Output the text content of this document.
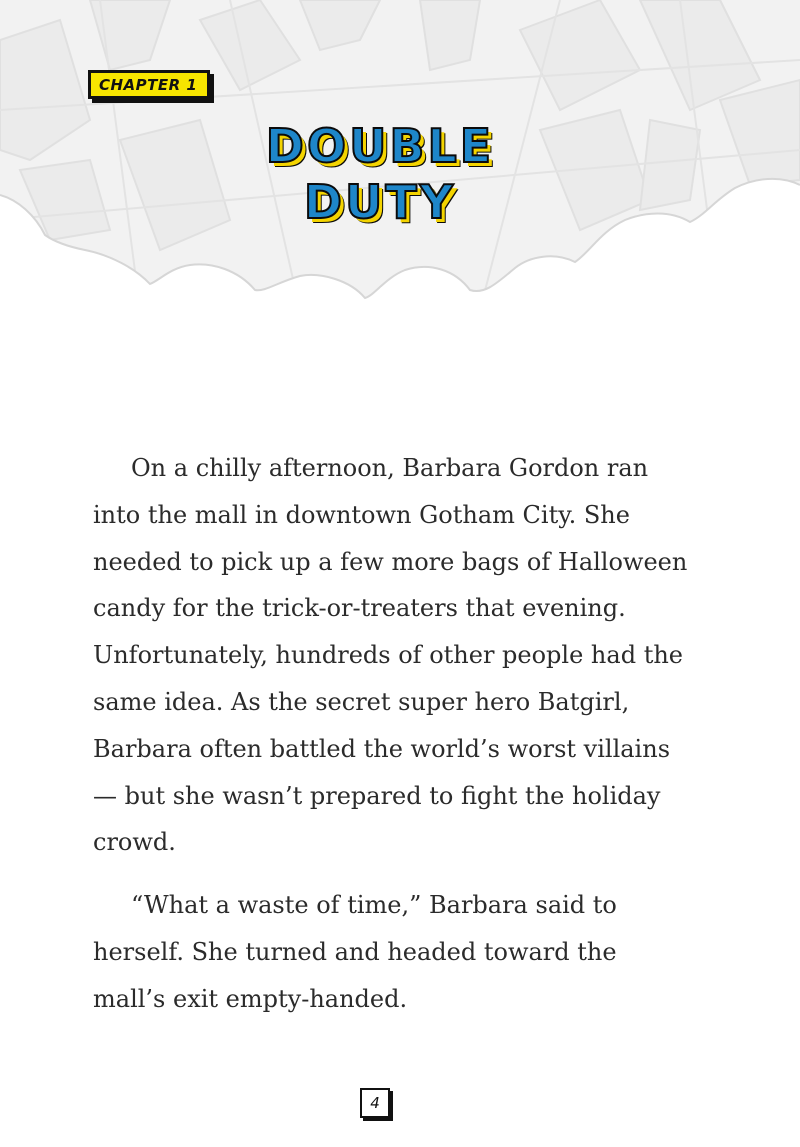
CHAPTER 1
DOUBLE
DUTY

On a chilly afternoon, Barbara Gordon ran into the mall in downtown Gotham City. She needed to pick up a few more bags of Halloween candy for the trick-or-treaters that evening. Unfortunately, hundreds of other people had the same idea. As the secret super hero Batgirl, Barbara often battled the world’s worst villains — but she wasn’t prepared to fight the holiday crowd.

“What a waste of time,” Barbara said to herself. She turned and headed toward the mall’s exit empty-handed.

4
